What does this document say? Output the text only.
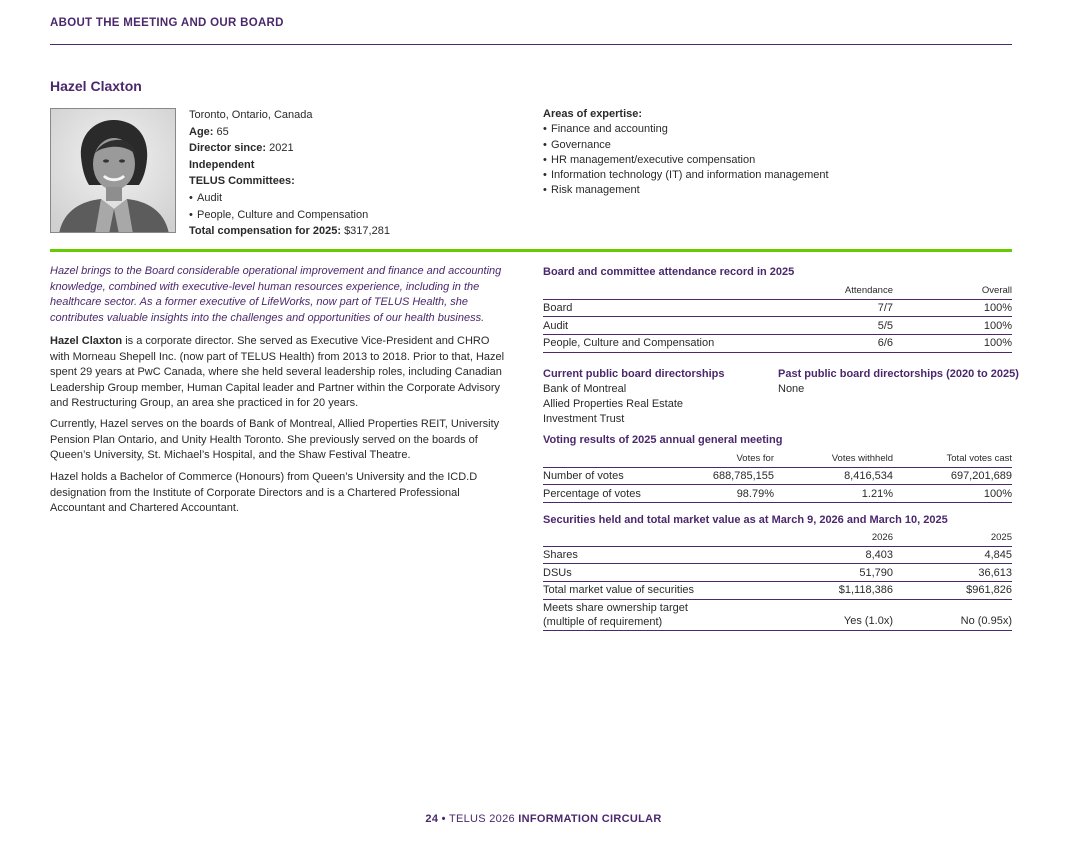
ABOUT THE MEETING AND OUR BOARD
Hazel Claxton
Toronto, Ontario, Canada
Age: 65
Director since: 2021
Independent
TELUS Committees:
• Audit
• People, Culture and Compensation
Total compensation for 2025: $317,281
Areas of expertise:
• Finance and accounting
• Governance
• HR management/executive compensation
• Information technology (IT) and information management
• Risk management
Hazel brings to the Board considerable operational improvement and finance and accounting knowledge, combined with executive-level human resources experience, including in the healthcare sector. As a former executive of LifeWorks, now part of TELUS Health, she contributes valuable insights into the challenges and opportunities of our health business.
Hazel Claxton is a corporate director. She served as Executive Vice-President and CHRO with Morneau Shepell Inc. (now part of TELUS Health) from 2013 to 2018. Prior to that, Hazel spent 29 years at PwC Canada, where she held several leadership roles, including Canadian Leadership Group member, Human Capital leader and Partner within the Corporate Advisory and Restructuring Group, an area she practiced in for 20 years.
Currently, Hazel serves on the boards of Bank of Montreal, Allied Properties REIT, University Pension Plan Ontario, and Unity Health Toronto. She previously served on the boards of Queen’s University, St. Michael’s Hospital, and the Shaw Festival Theatre.
Hazel holds a Bachelor of Commerce (Honours) from Queen’s University and the ICD.D designation from the Institute of Corporate Directors and is a Chartered Professional Accountant and Chartered Accountant.
Board and committee attendance record in 2025
	Attendance	Overall
Board	7/7	100%
Audit	5/5	100%
People, Culture and Compensation	6/6	100%
Current public board directorships
Bank of Montreal
Allied Properties Real Estate
Investment Trust
Past public board directorships (2020 to 2025)
None
Voting results of 2025 annual general meeting
	Votes for	Votes withheld	Total votes cast
Number of votes	688,785,155	8,416,534	697,201,689
Percentage of votes	98.79%	1.21%	100%
Securities held and total market value as at March 9, 2026 and March 10, 2025
	2026	2025
Shares	8,403	4,845
DSUs	51,790	36,613
Total market value of securities	$1,118,386	$961,826

Meets share ownership target
(multiple of requirement)	Yes (1.0x)	No (0.95x)
24 • TELUS 2026 INFORMATION CIRCULAR
